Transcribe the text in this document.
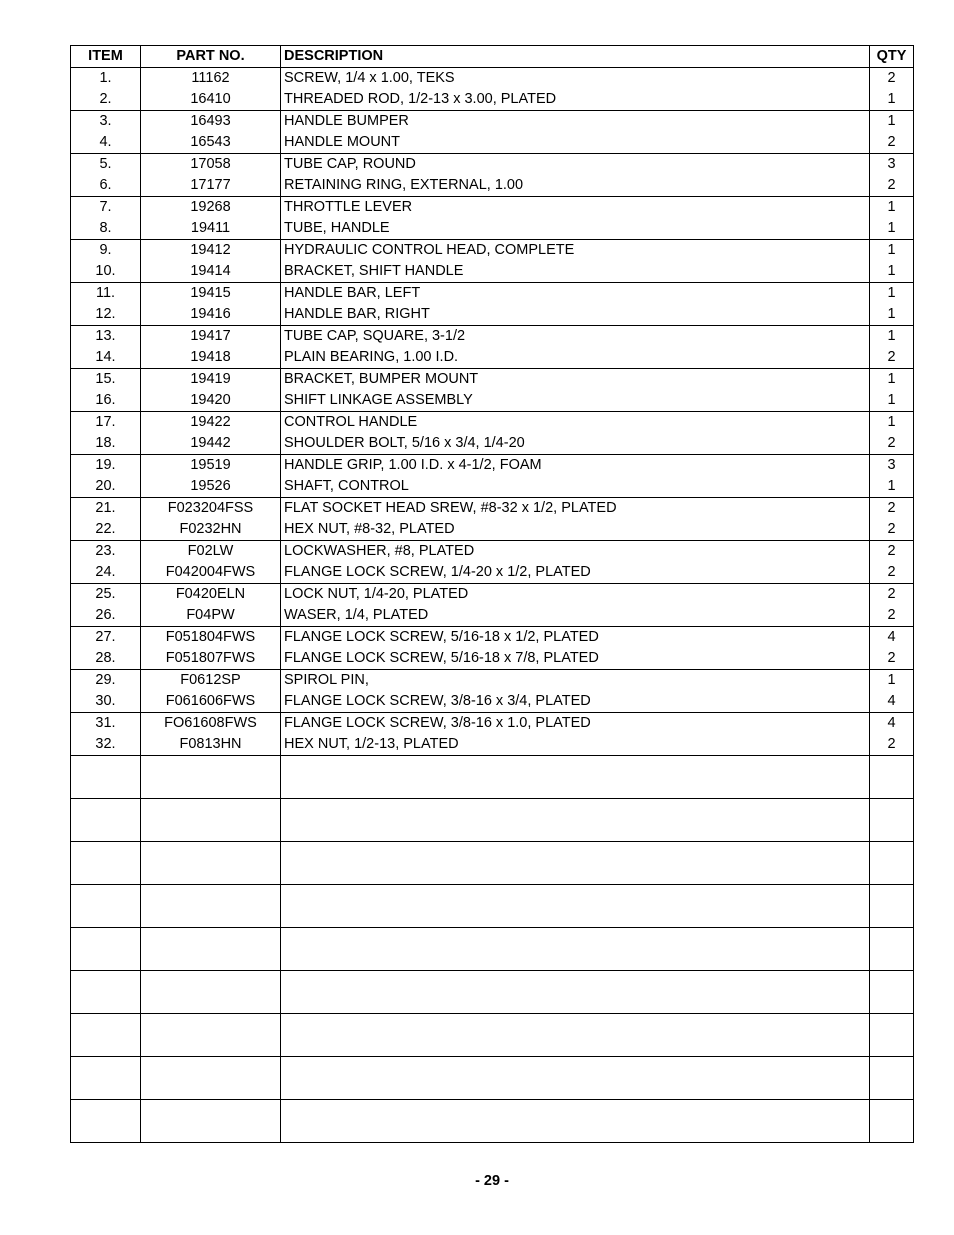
ITEM	PART NO.	DESCRIPTION	QTY
1.	11162	SCREW, 1/4 x 1.00, TEKS	2
2.	16410	THREADED ROD, 1/2-13 x 3.00, PLATED	1
3.	16493	HANDLE BUMPER	1
4.	16543	HANDLE MOUNT	2
5.	17058	TUBE CAP, ROUND	3
6.	17177	RETAINING RING, EXTERNAL, 1.00	2
7.	19268	THROTTLE LEVER	1
8.	19411	TUBE, HANDLE	1
9.	19412	HYDRAULIC CONTROL HEAD, COMPLETE	1
10.	19414	BRACKET, SHIFT HANDLE	1
11.	19415	HANDLE BAR, LEFT	1
12.	19416	HANDLE BAR, RIGHT	1
13.	19417	TUBE CAP, SQUARE, 3-1/2	1
14.	19418	PLAIN BEARING, 1.00 I.D.	2
15.	19419	BRACKET, BUMPER MOUNT	1
16.	19420	SHIFT LINKAGE ASSEMBLY	1
17.	19422	CONTROL HANDLE	1
18.	19442	SHOULDER BOLT, 5/16 x 3/4, 1/4-20	2
19.	19519	HANDLE GRIP, 1.00 I.D. x 4-1/2, FOAM	3
20.	19526	SHAFT, CONTROL	1
21.	F023204FSS	FLAT SOCKET HEAD SREW, #8-32 x 1/2, PLATED	2
22.	F0232HN	HEX NUT, #8-32, PLATED	2
23.	F02LW	LOCKWASHER, #8, PLATED	2
24.	F042004FWS	FLANGE LOCK SCREW, 1/4-20 x 1/2, PLATED	2
25.	F0420ELN	LOCK NUT, 1/4-20, PLATED	2
26.	F04PW	WASER, 1/4, PLATED	2
27.	F051804FWS	FLANGE LOCK SCREW, 5/16-18 x 1/2, PLATED	4
28.	F051807FWS	FLANGE LOCK SCREW, 5/16-18 x 7/8, PLATED	2
29.	F0612SP	SPIROL PIN,	1
30.	F061606FWS	FLANGE LOCK SCREW, 3/8-16 x 3/4, PLATED	4
31.	FO61608FWS	FLANGE LOCK SCREW, 3/8-16 x 1.0, PLATED	4
32.	F0813HN	HEX NUT, 1/2-13, PLATED	2

- 29 -
